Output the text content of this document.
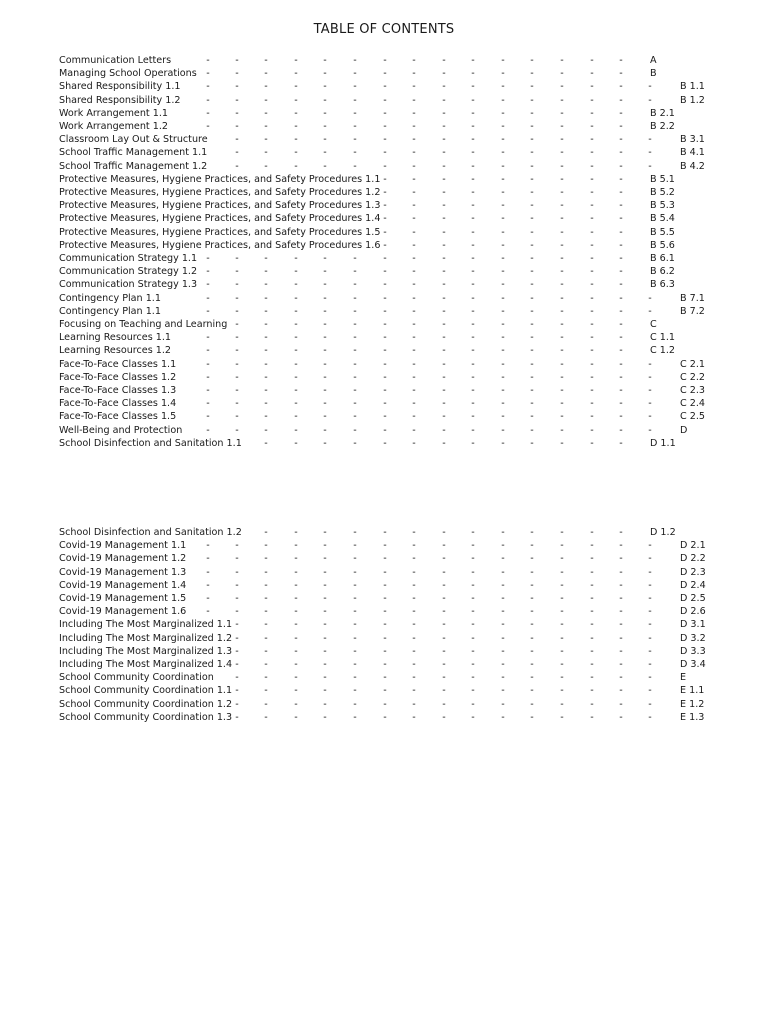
TABLE OF CONTENTS
-	-	-	-	-	-	-	-	-	-	-	-	-	-	-
Communication Letters	A
-	-	-	-	-	-	-	-	-	-	-	-	-	-	-
Managing School Operations	B
-	-	-	-	-	-	-	-	-	-	-	-	-	-	-	-
Shared Responsibility 1.1	B 1.1
-	-	-	-	-	-	-	-	-	-	-	-	-	-	-	-
Shared Responsibility 1.2	B 1.2
-	-	-	-	-	-	-	-	-	-	-	-	-	-	-
Work Arrangement 1.1	B 2.1
-	-	-	-	-	-	-	-	-	-	-	-	-	-	-
Work Arrangement 1.2	B 2.2
-	-	-	-	-	-	-	-	-	-	-	-	-	-	-
Classroom Lay Out & Structure	B 3.1
-	-	-	-	-	-	-	-	-	-	-	-	-	-	-
School Traffic Management 1.1	B 4.1
-	-	-	-	-	-	-	-	-	-	-	-	-	-	-
School Traffic Management 1.2	B 4.2
-	-	-	-	-	-	-	-	-
Protective Measures, Hygiene Practices, and Safety Procedures 1.1	B 5.1
-	-	-	-	-	-	-	-	-
Protective Measures, Hygiene Practices, and Safety Procedures 1.2	B 5.2
-	-	-	-	-	-	-	-	-
Protective Measures, Hygiene Practices, and Safety Procedures 1.3	B 5.3
-	-	-	-	-	-	-	-	-
Protective Measures, Hygiene Practices, and Safety Procedures 1.4	B 5.4
-	-	-	-	-	-	-	-	-
Protective Measures, Hygiene Practices, and Safety Procedures 1.5	B 5.5
-	-	-	-	-	-	-	-	-
Protective Measures, Hygiene Practices, and Safety Procedures 1.6	B 5.6
-	-	-	-	-	-	-	-	-	-	-	-	-	-	-
Communication Strategy 1.1	B 6.1
-	-	-	-	-	-	-	-	-	-	-	-	-	-	-
Communication Strategy 1.2	B 6.2
-	-	-	-	-	-	-	-	-	-	-	-	-	-	-
Communication Strategy 1.3	B 6.3
-	-	-	-	-	-	-	-	-	-	-	-	-	-	-	-
Contingency Plan 1.1	B 7.1
-	-	-	-	-	-	-	-	-	-	-	-	-	-	-	-
Contingency Plan 1.1	B 7.2
-	-	-	-	-	-	-	-	-	-	-	-	-	-
Focusing on Teaching and Learning	C
-	-	-	-	-	-	-	-	-	-	-	-	-	-	-
Learning Resources 1.1	C 1.1
-	-	-	-	-	-	-	-	-	-	-	-	-	-	-
Learning Resources 1.2	C 1.2
-	-	-	-	-	-	-	-	-	-	-	-	-	-	-	-
Face-To-Face Classes 1.1	C 2.1
-	-	-	-	-	-	-	-	-	-	-	-	-	-	-	-
Face-To-Face Classes 1.2	C 2.2
-	-	-	-	-	-	-	-	-	-	-	-	-	-	-	-
Face-To-Face Classes 1.3	C 2.3
-	-	-	-	-	-	-	-	-	-	-	-	-	-	-	-
Face-To-Face Classes 1.4	C 2.4
-	-	-	-	-	-	-	-	-	-	-	-	-	-	-	-
Face-To-Face Classes 1.5	C 2.5
-	-	-	-	-	-	-	-	-	-	-	-	-	-	-	-
Well-Being and Protection	D
-	-	-	-	-	-	-	-	-	-	-	-	-
School Disinfection and Sanitation 1.1	D 1.1
-	-	-	-	-	-	-	-	-	-	-	-	-
School Disinfection and Sanitation 1.2	D 1.2
-	-	-	-	-	-	-	-	-	-	-	-	-	-	-	-
Covid-19 Management 1.1	D 2.1
-	-	-	-	-	-	-	-	-	-	-	-	-	-	-	-
Covid-19 Management 1.2	D 2.2
-	-	-	-	-	-	-	-	-	-	-	-	-	-	-	-
Covid-19 Management 1.3	D 2.3
-	-	-	-	-	-	-	-	-	-	-	-	-	-	-	-
Covid-19 Management 1.4	D 2.4
-	-	-	-	-	-	-	-	-	-	-	-	-	-	-	-
Covid-19 Management 1.5	D 2.5
-	-	-	-	-	-	-	-	-	-	-	-	-	-	-	-
Covid-19 Management 1.6	D 2.6
-	-	-	-	-	-	-	-	-	-	-	-	-	-	-
Including The Most Marginalized 1.1	D 3.1
-	-	-	-	-	-	-	-	-	-	-	-	-	-	-
Including The Most Marginalized 1.2	D 3.2
-	-	-	-	-	-	-	-	-	-	-	-	-	-	-
Including The Most Marginalized 1.3	D 3.3
-	-	-	-	-	-	-	-	-	-	-	-	-	-	-
Including The Most Marginalized 1.4	D 3.4
-	-	-	-	-	-	-	-	-	-	-	-	-	-	-
School Community Coordination	E
-	-	-	-	-	-	-	-	-	-	-	-	-	-	-
School Community Coordination 1.1	E 1.1
-	-	-	-	-	-	-	-	-	-	-	-	-	-	-
School Community Coordination 1.2	E 1.2
-	-	-	-	-	-	-	-	-	-	-	-	-	-	-
School Community Coordination 1.3	E 1.3
